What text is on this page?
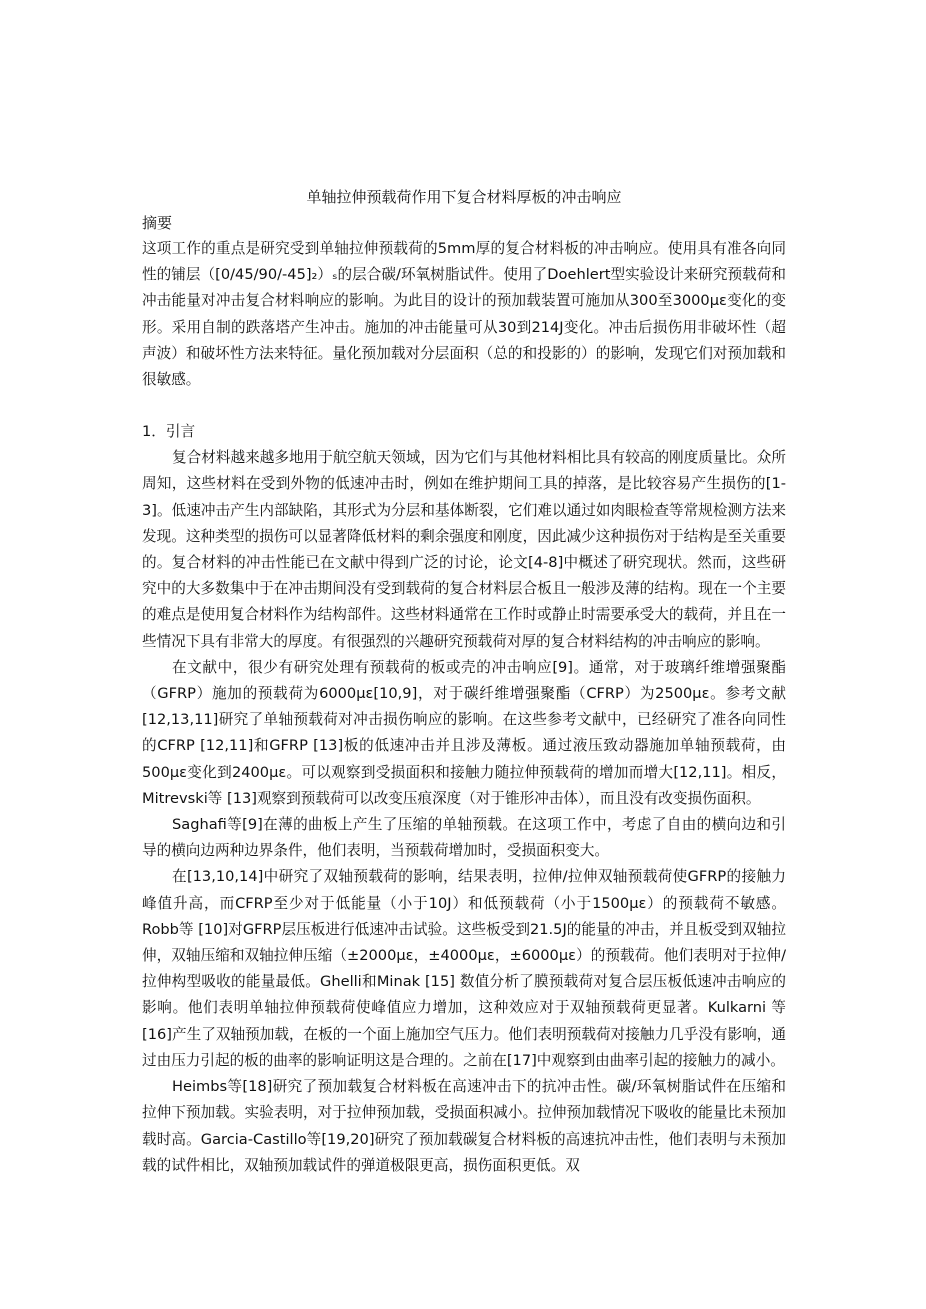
单轴拉伸预载荷作用下复合材料厚板的冲击响应

摘要

这项工作的重点是研究受到单轴拉伸预载荷的5mm厚的复合材料板的冲击响应。使用具有准各向同性的铺层（[0/45/90/-45]₂）ₛ的层合碳/环氧树脂试件。使用了Doehlert型实验设计来研究预载荷和冲击能量对冲击复合材料响应的影响。为此目的设计的预加载装置可施加从300至3000με变化的变形。采用自制的跌落塔产生冲击。施加的冲击能量可从30到214J变化。冲击后损伤用非破坏性（超声波）和破坏性方法来特征。量化预加载对分层面积（总的和投影的）的影响，发现它们对预加载和很敏感。

1．引言

复合材料越来越多地用于航空航天领域，因为它们与其他材料相比具有较高的刚度质量比。众所周知，这些材料在受到外物的低速冲击时，例如在维护期间工具的掉落，是比较容易产生损伤的[1-3]。低速冲击产生内部缺陷，其形式为分层和基体断裂，它们难以通过如肉眼检查等常规检测方法来发现。这种类型的损伤可以显著降低材料的剩余强度和刚度，因此减少这种损伤对于结构是至关重要的。复合材料的冲击性能已在文献中得到广泛的讨论，论文[4-8]中概述了研究现状。然而，这些研究中的大多数集中于在冲击期间没有受到载荷的复合材料层合板且一般涉及薄的结构。现在一个主要的难点是使用复合材料作为结构部件。这些材料通常在工作时或静止时需要承受大的载荷，并且在一些情况下具有非常大的厚度。有很强烈的兴趣研究预载荷对厚的复合材料结构的冲击响应的影响。

在文献中，很少有研究处理有预载荷的板或壳的冲击响应[9]。通常，对于玻璃纤维增强聚酯（GFRP）施加的预载荷为6000με[10,9]，对于碳纤维增强聚酯（CFRP）为2500με。参考文献[12,13,11]研究了单轴预载荷对冲击损伤响应的影响。在这些参考文献中，已经研究了准各向同性的CFRP [12,11]和GFRP [13]板的低速冲击并且涉及薄板。通过液压致动器施加单轴预载荷，由500με变化到2400με。可以观察到受损面积和接触力随拉伸预载荷的增加而增大[12,11]。相反，Mitrevski等 [13]观察到预载荷可以改变压痕深度（对于锥形冲击体），而且没有改变损伤面积。

Saghafi等[9]在薄的曲板上产生了压缩的单轴预载。在这项工作中，考虑了自由的横向边和引导的横向边两种边界条件，他们表明，当预载荷增加时，受损面积变大。

在[13,10,14]中研究了双轴预载荷的影响，结果表明，拉伸/拉伸双轴预载荷使GFRP的接触力峰值升高，而CFRP至少对于低能量（小于10J）和低预载荷（小于1500με）的预载荷不敏感。Robb等 [10]对GFRP层压板进行低速冲击试验。这些板受到21.5J的能量的冲击，并且板受到双轴拉伸，双轴压缩和双轴拉伸压缩（±2000με，±4000με，±6000με）的预载荷。他们表明对于拉伸/拉伸构型吸收的能量最低。Ghelli和Minak [15] 数值分析了膜预载荷对复合层压板低速冲击响应的影响。他们表明单轴拉伸预载荷使峰值应力增加，这种效应对于双轴预载荷更显著。Kulkarni 等[16]产生了双轴预加载，在板的一个面上施加空气压力。他们表明预载荷对接触力几乎没有影响，通过由压力引起的板的曲率的影响证明这是合理的。之前在[17]中观察到由曲率引起的接触力的减小。

Heimbs等[18]研究了预加载复合材料板在高速冲击下的抗冲击性。碳/环氧树脂试件在压缩和拉伸下预加载。实验表明，对于拉伸预加载，受损面积减小。拉伸预加载情况下吸收的能量比未预加载时高。Garcia-Castillo等[19,20]研究了预加载碳复合材料板的高速抗冲击性，他们表明与未预加载的试件相比，双轴预加载试件的弹道极限更高，损伤面积更低。双
